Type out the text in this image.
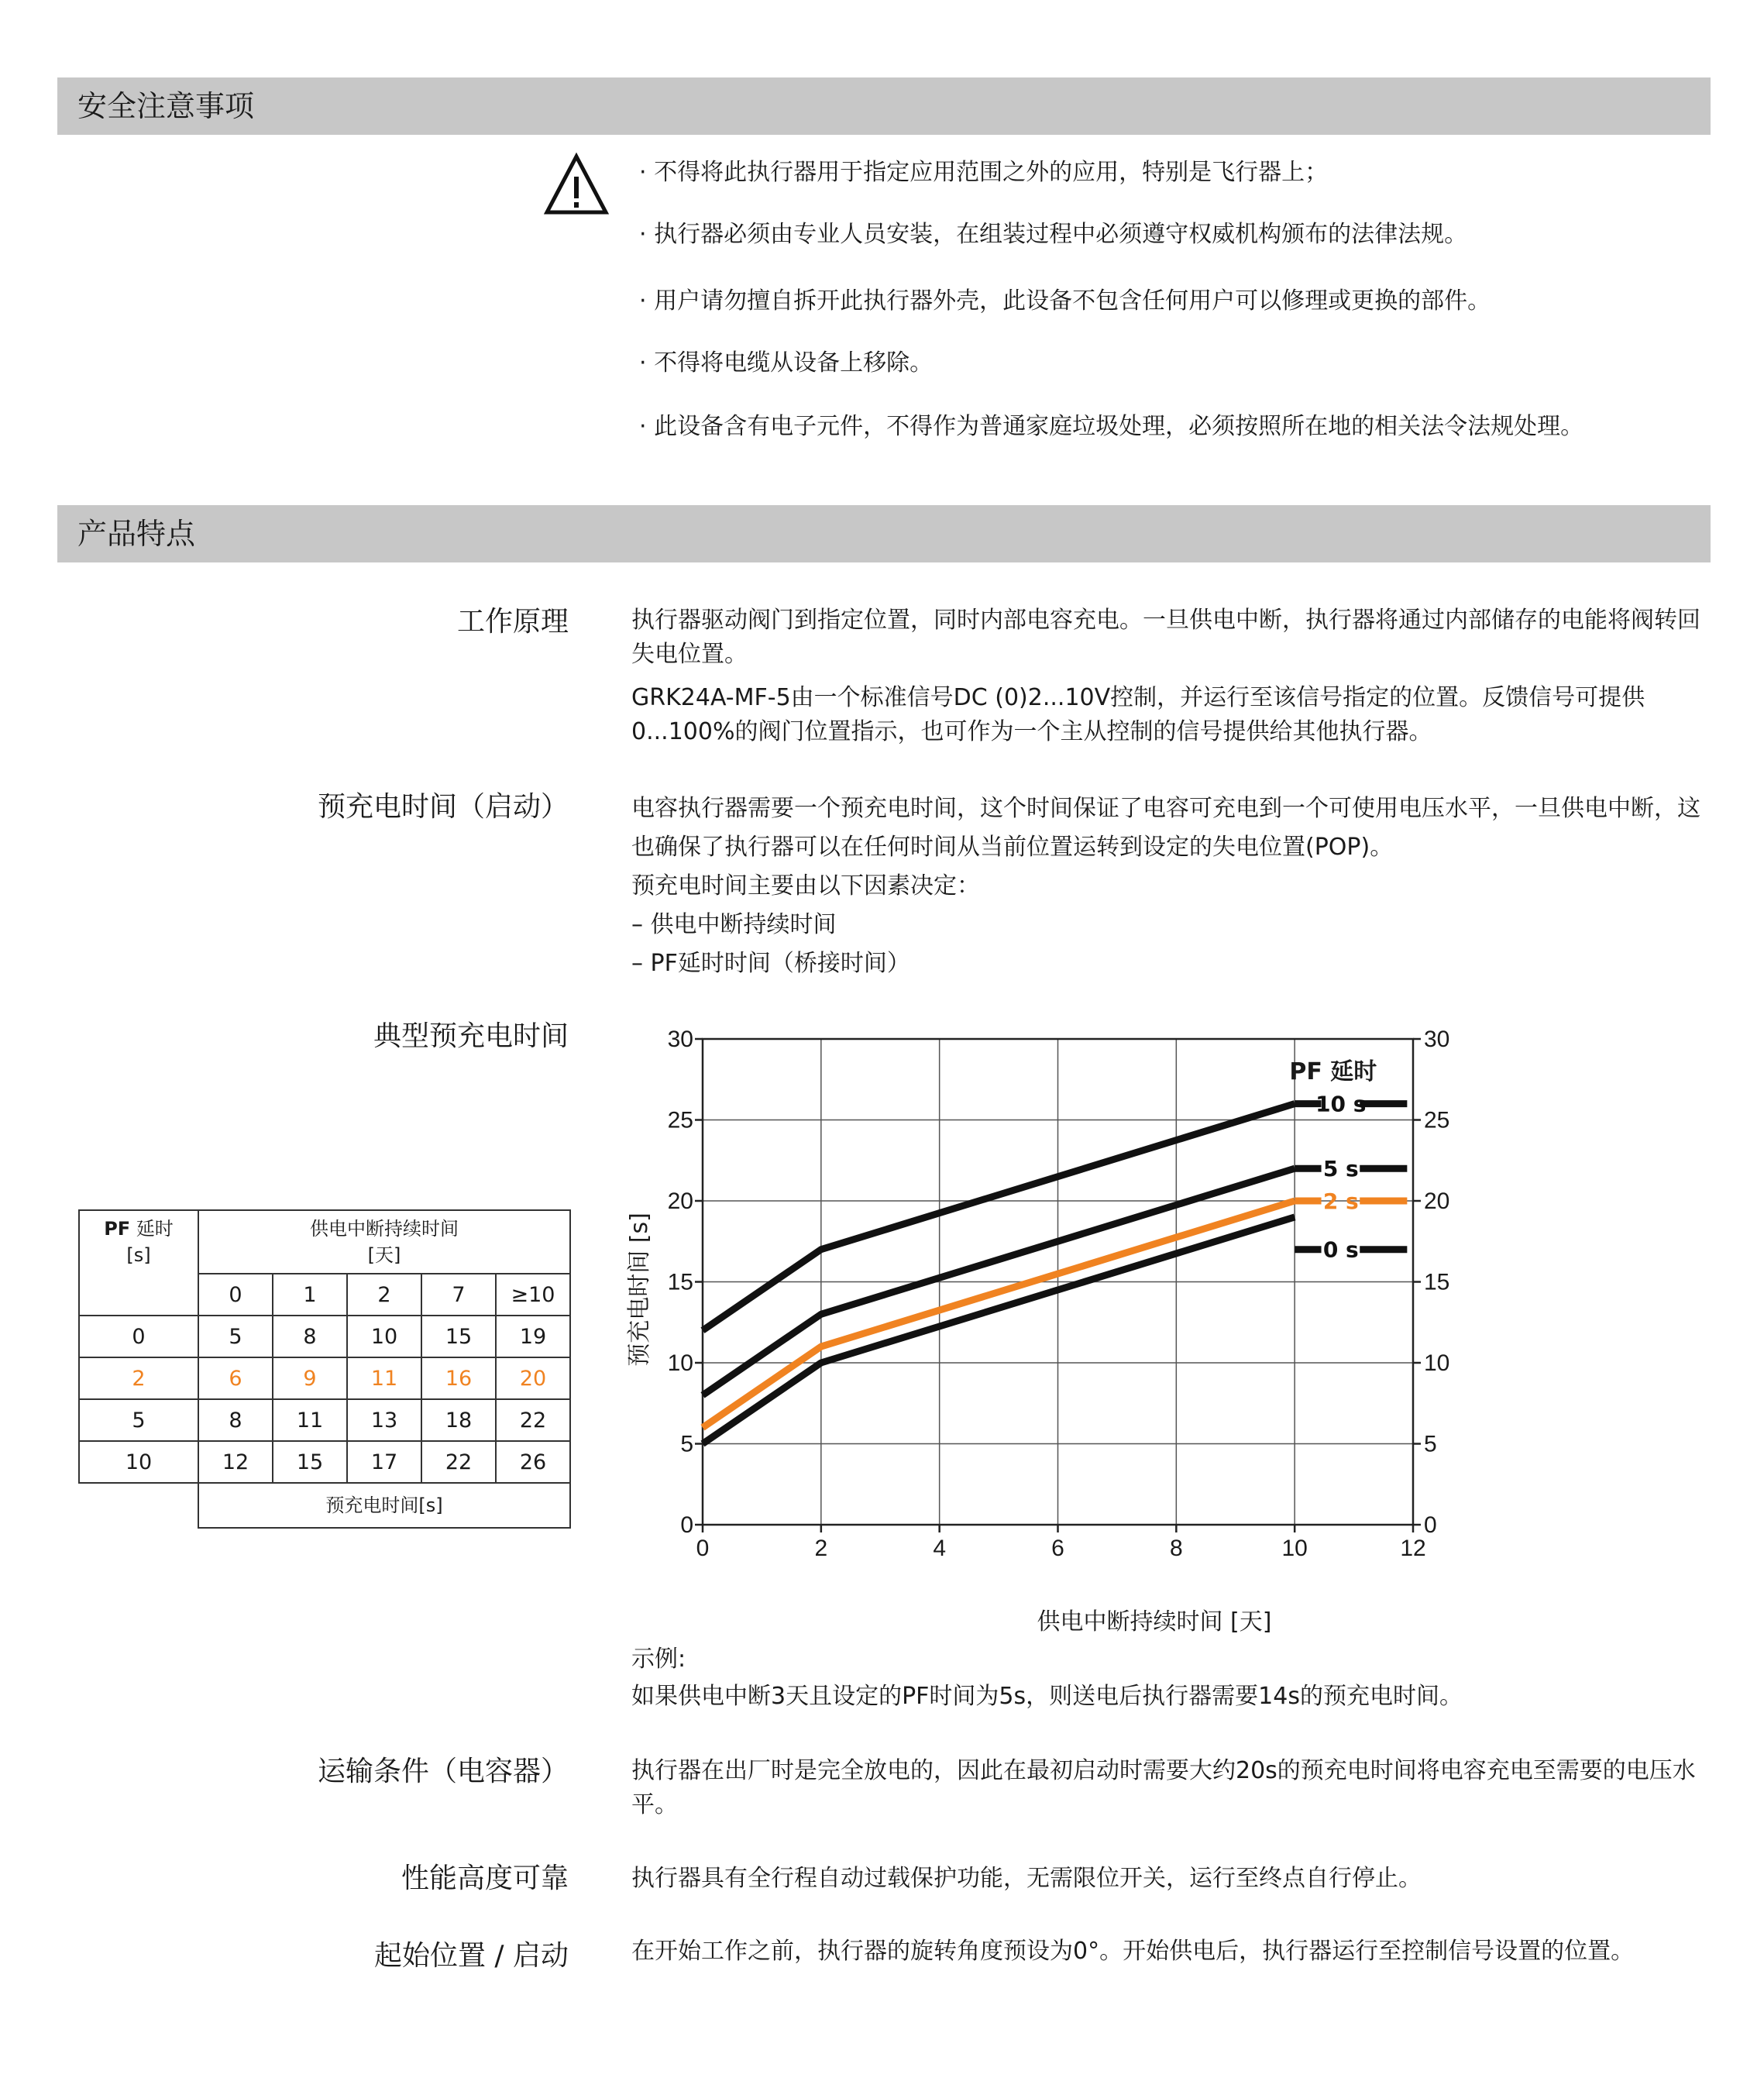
安全注意事项
· 不得将此执行器用于指定应用范围之外的应用，特别是飞行器上；
· 执行器必须由专业人员安装，在组装过程中必须遵守权威机构颁布的法律法规。
· 用户请勿擅自拆开此执行器外壳，此设备不包含任何用户可以修理或更换的部件。
· 不得将电缆从设备上移除。
· 此设备含有电子元件，不得作为普通家庭垃圾处理，必须按照所在地的相关法令法规处理。
产品特点
工作原理	执行器驱动阀门到指定位置，同时内部电容充电。一旦供电中断，执行器将通过内部储存的电能将阀转回失电位置。

GRK24A-MF-5由一个标准信号DC (0)2...10V控制，并运行至该信号指定的位置。反馈信号可提供0...100%的阀门位置指示，也可作为一个主从控制的信号提供给其他执行器。

预充电时间（启动）	电容执行器需要一个预充电时间，这个时间保证了电容可充电到一个可使用电压水平，一旦供电中断，这也确保了执行器可以在任何时间从当前位置运转到设定的失电位置(POP)。

预充电时间主要由以下因素决定：

– 供电中断持续时间

– PF延时时间（桥接时间）

典型预充电时间
PF 延时
[s]	供电中断持续时间
[天]				
	0	1	2	7	≥10
0	5	8	10	15	19
2	6	9	11	16	20
5	8	11	13	18	22
10	12	15	17	22	26
	预充电时间[s]				
0	0
5	5
10	10
15	15
20	20
25	25
30	30
0	2	4	6	8	10	12
预充电时间 [s]
PF 延时
10 s
5 s
2 s
0 s
供电中断持续时间 [天]

示例:

如果供电中断3天且设定的PF时间为5s，则送电后执行器需要14s的预充电时间。

运输条件（电容器）	执行器在出厂时是完全放电的，因此在最初启动时需要大约20s的预充电时间将电容充电至需要的电压水平。
性能高度可靠	执行器具有全行程自动过载保护功能，无需限位开关，运行至终点自行停止。
起始位置 / 启动	在开始工作之前，执行器的旋转角度预设为0°。开始供电后，执行器运行至控制信号设置的位置。
